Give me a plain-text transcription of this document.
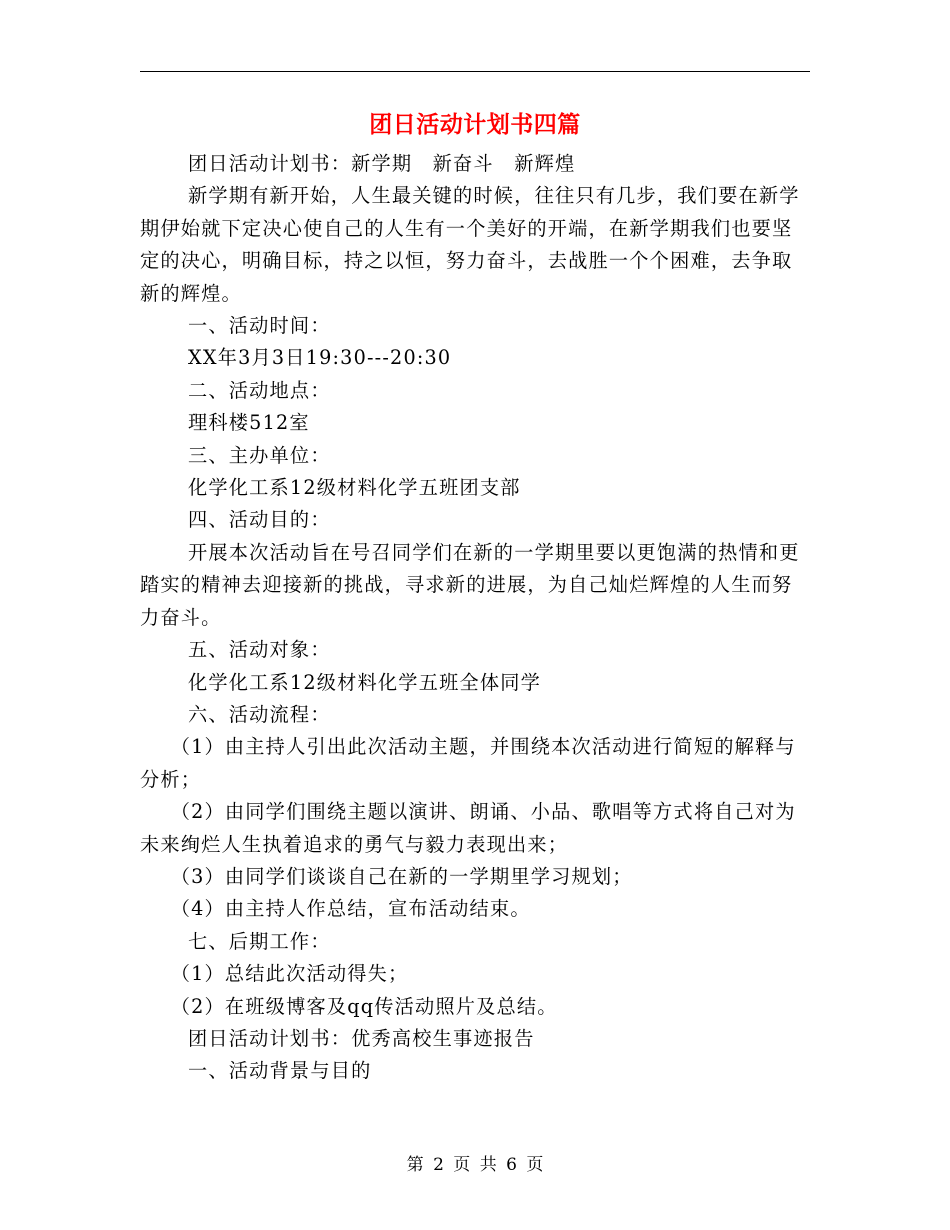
团日活动计划书四篇

团日活动计划书：新学期　新奋斗　新辉煌

新学期有新开始，人生最关键的时候，往往只有几步，我们要在新学期伊始就下定决心使自己的人生有一个美好的开端，在新学期我们也要坚定的决心，明确目标，持之以恒，努力奋斗，去战胜一个个困难，去争取新的辉煌。

一、活动时间：

XX年3月3日19:30---20:30

二、活动地点：

理科楼512室

三、主办单位：

化学化工系12级材料化学五班团支部

四、活动目的：

开展本次活动旨在号召同学们在新的一学期里要以更饱满的热情和更踏实的精神去迎接新的挑战，寻求新的进展，为自己灿烂辉煌的人生而努力奋斗。

五、活动对象：

化学化工系12级材料化学五班全体同学

六、活动流程：

（1）由主持人引出此次活动主题，并围绕本次活动进行简短的解释与分析；

（2）由同学们围绕主题以演讲、朗诵、小品、歌唱等方式将自己对为未来绚烂人生执着追求的勇气与毅力表现出来；

（3）由同学们谈谈自己在新的一学期里学习规划；

（4）由主持人作总结，宣布活动结束。

七、后期工作：

（1）总结此次活动得失；

（2）在班级博客及qq传活动照片及总结。

团日活动计划书：优秀高校生事迹报告

一、活动背景与目的

第 2 页 共 6 页
